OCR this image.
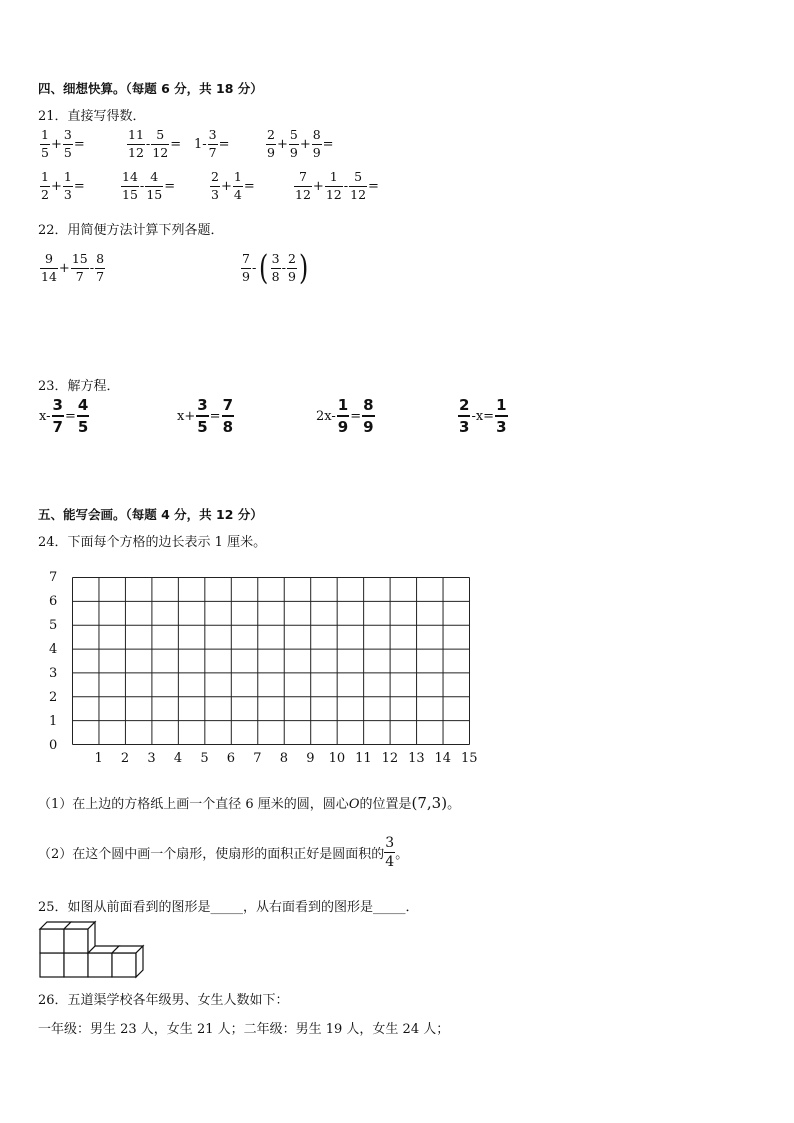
四、细想快算。（每题 6 分，共 18 分）
21．直接写得数．
$\frac{1}{5} + \frac{3}{5}$ =	$\frac{11}{12} - \frac{5}{12} = 1- \frac{3}{7}$ =	$\frac{2}{9} + \frac{5}{9} + \frac{8}{9}$ =
$\frac{1}{2} + \frac{1}{3}$ =	$\frac{14}{15} - \frac{4}{15}$ =	$\frac{2}{3} + \frac{1}{4}$ =	$\frac{7}{12} + \frac{1}{12} - \frac{5}{12}$ =
22．用简便方法计算下列各题．
$\frac{9}{14} + \frac{15}{7} - \frac{8}{7}$	$\frac{7}{9}$ - ( $\frac{3}{8} - \frac{2}{9}$ )
23．解方程．
$x- \frac{3}{7} = \frac{4}{5}$	$x+ \frac{3}{5} = \frac{7}{8}$	$2x- \frac{1}{9} = \frac{8}{9}$	$\frac{2}{3} -x= \frac{1}{3}$
五、能写会画。（每题 4 分，共 12 分）
24．下面每个方格的边长表示 1 厘米。
7
6
5
4
3
2
1
0
1 2 3 4 5 6 7 8 9 10 11 12 13 14 15
（1）在上边的方格纸上画一个直径 6 厘米的圆，圆心O的位置是(7,3)。
（2）在这个圆中画一个扇形，使扇形的面积正好是圆面积的 $\frac{3}{4}$ 。
25．如图从前面看到的图形是_____，从右面看到的图形是_____．
26．五道渠学校各年级男、女生人数如下：
一年级：男生 23 人，女生 21 人；二年级：男生 19 人，女生 24 人；
